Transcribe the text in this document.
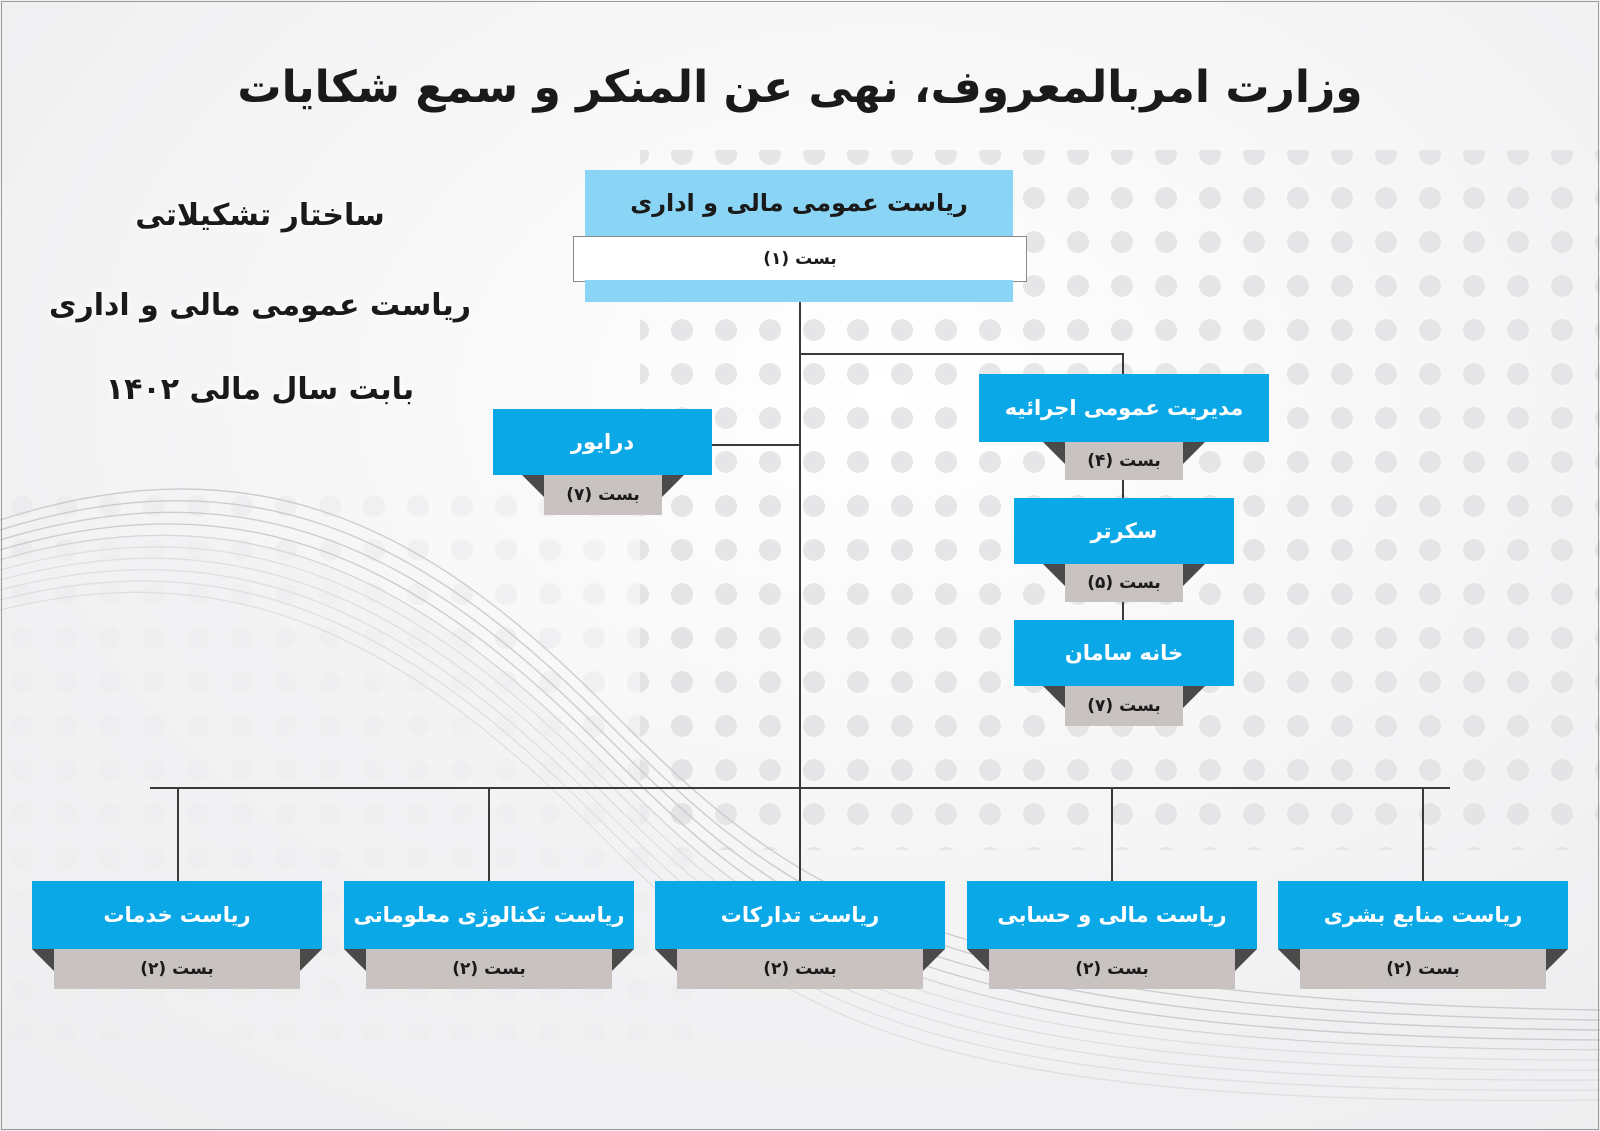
وزارت امربالمعروف، نهی عن المنکر و سمع شکایات
ساختار تشکیلاتی
ریاست عمومی مالی و اداری
بابت سال مالی ۱۴۰۲
ریاست عمومی مالی و اداری
بست (۱)
درایور
بست (۷)
مدیریت عمومی اجرائیه
بست (۴)
سکرتر
بست (۵)
خانه سامان
بست (۷)
ریاست خدمات
بست (۲)
ریاست تکنالوژی معلوماتی
بست (۲)
ریاست تدارکات
بست (۲)
ریاست مالی و حسابی
بست (۲)
ریاست منابع بشری
بست (۲)
